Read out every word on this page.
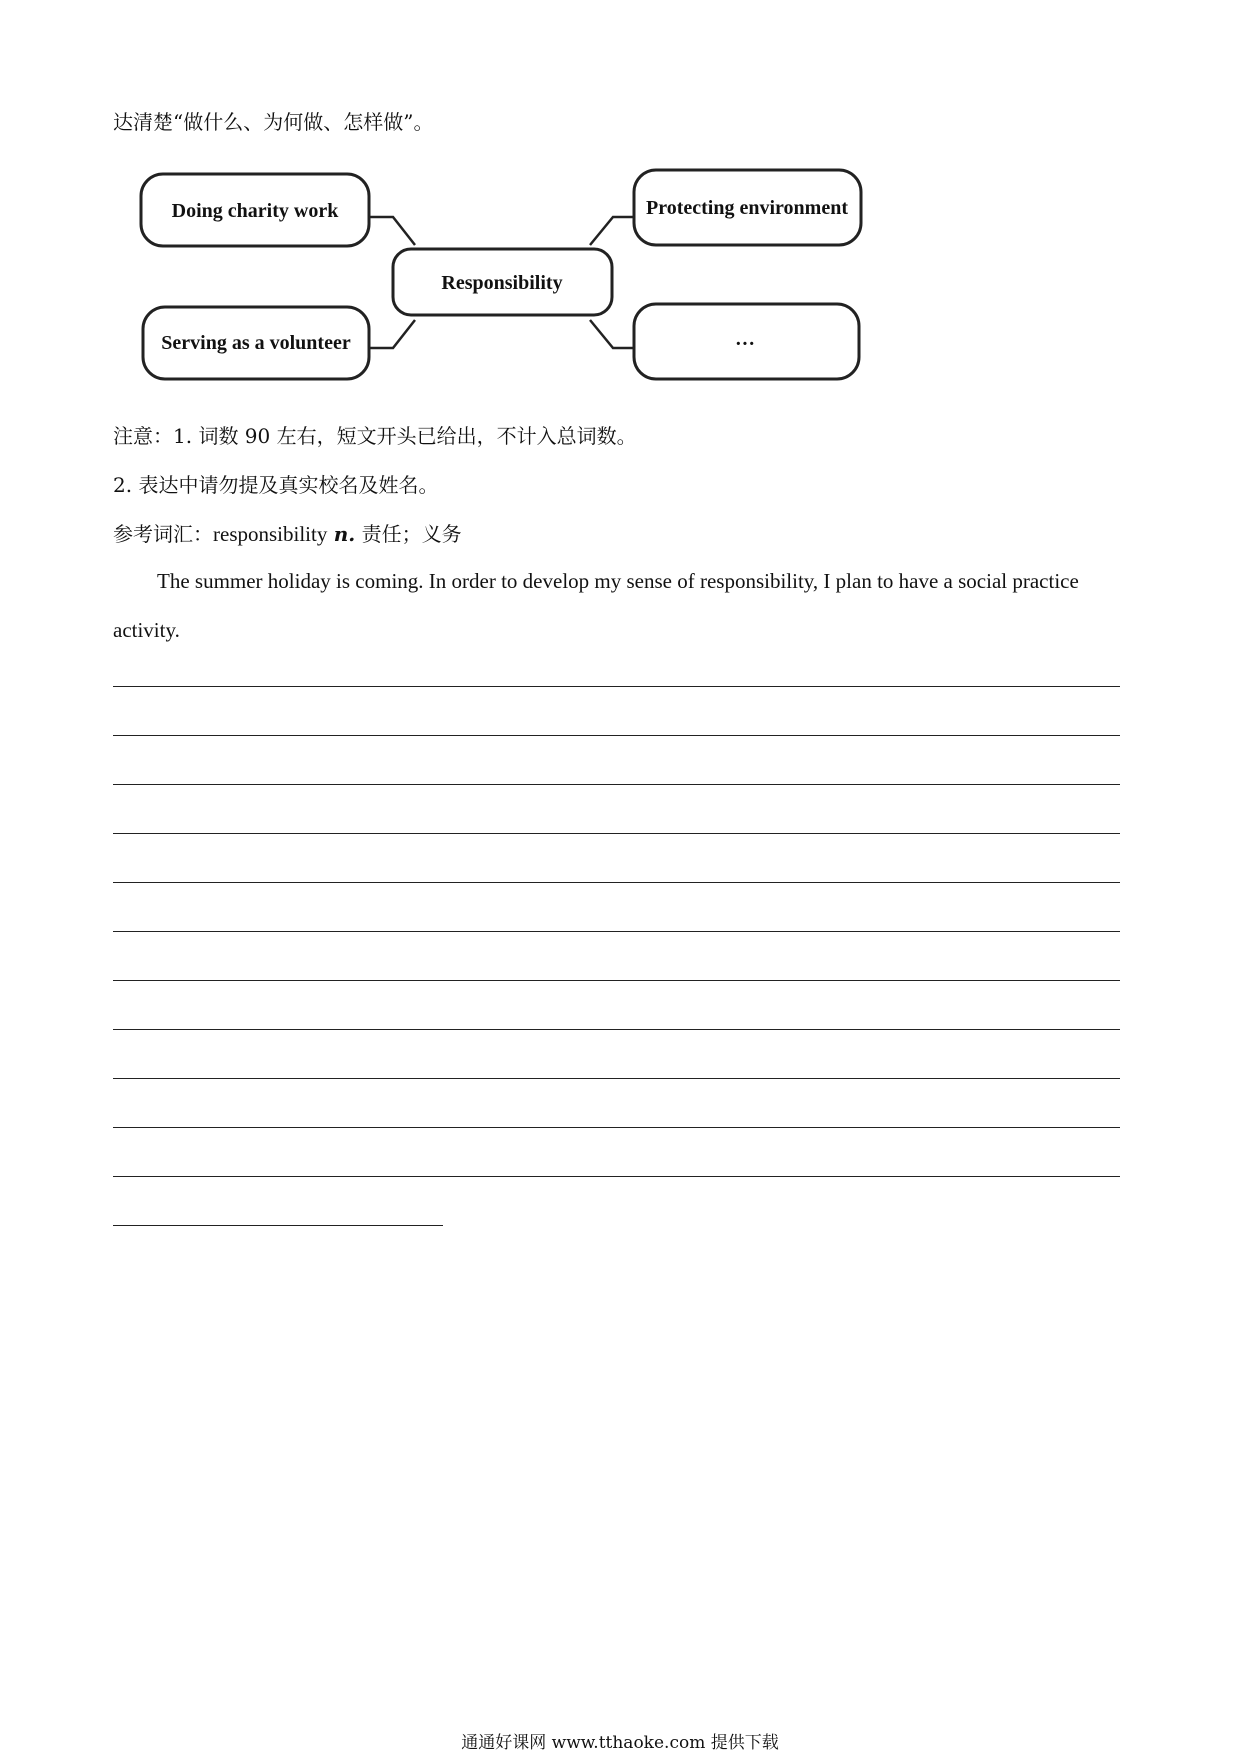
达清楚“做什么、为何做、怎样做”。
Doing charity work
Serving as a volunteer
Responsibility
Protecting environment
···
注意：1. 词数 90 左右，短文开头已给出，不计入总词数。
2. 表达中请勿提及真实校名及姓名。
参考词汇：responsibility n. 责任；义务
The summer holiday is coming. In order to develop my sense of responsibility, I plan to have a social practice activity.
通通好课网 www.tthaoke.com 提供下载
